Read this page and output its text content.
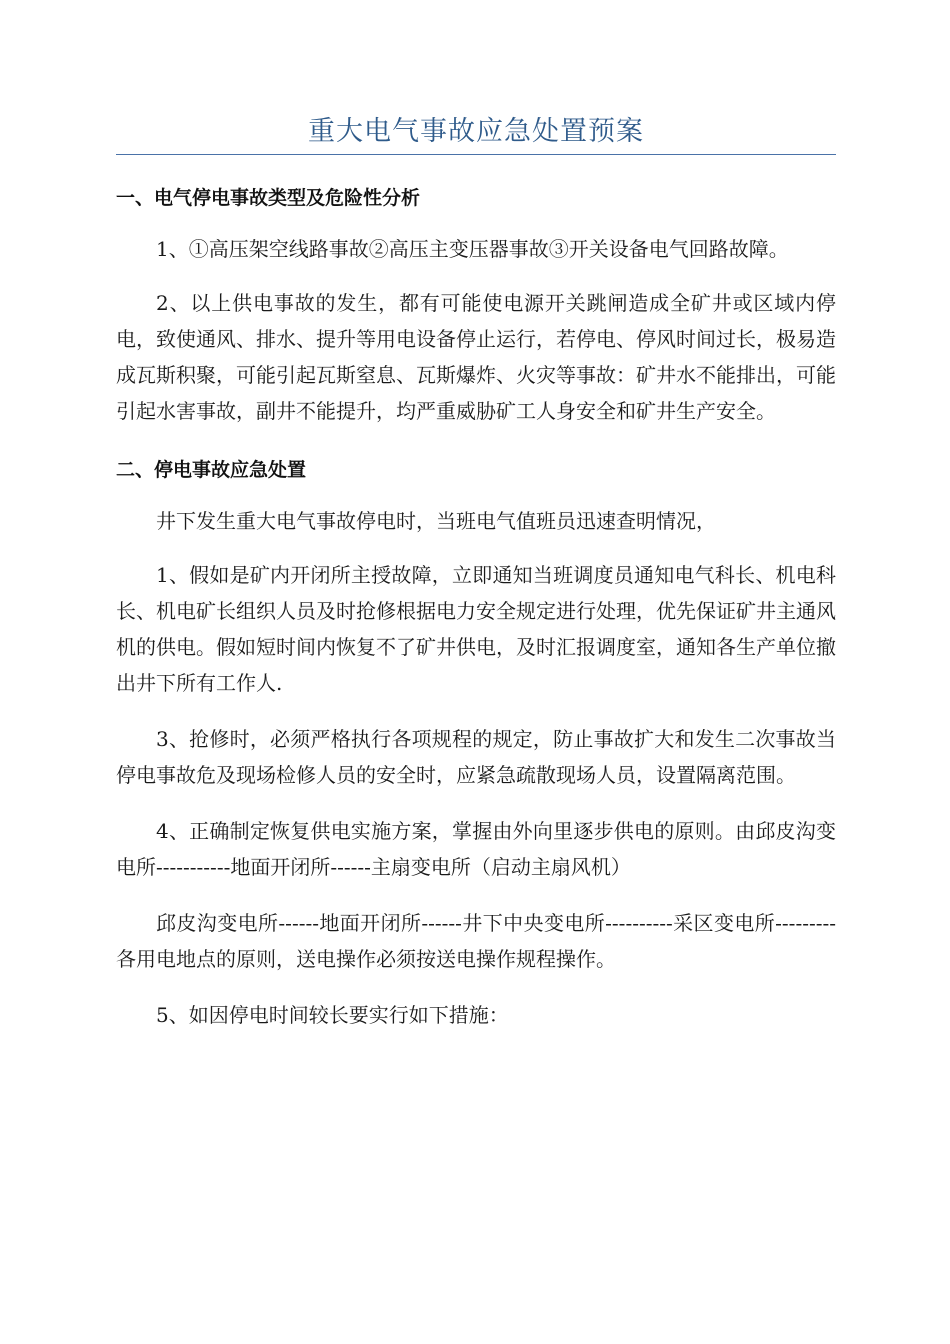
重大电气事故应急处置预案
一、电气停电事故类型及危险性分析

1、①高压架空线路事故②高压主变压器事故③开关设备电气回路故障。

2、以上供电事故的发生，都有可能使电源开关跳闸造成全矿井或区域内停电，致使通风、排水、提升等用电设备停止运行，若停电、停风时间过长，极易造成瓦斯积聚，可能引起瓦斯窒息、瓦斯爆炸、火灾等事故：矿井水不能排出，可能引起水害事故，副井不能提升，均严重威胁矿工人身安全和矿井生产安全。

二、停电事故应急处置

井下发生重大电气事故停电时，当班电气值班员迅速查明情况，

1、假如是矿内开闭所主授故障，立即通知当班调度员通知电气科长、机电科长、机电矿长组织人员及时抢修根据电力安全规定进行处理，优先保证矿井主通风机的供电。假如短时间内恢复不了矿井供电，及时汇报调度室，通知各生产单位撤出井下所有工作人.

3、抢修时，必须严格执行各项规程的规定，防止事故扩大和发生二次事故当停电事故危及现场检修人员的安全时，应紧急疏散现场人员，设置隔离范围。

4、正确制定恢复供电实施方案，掌握由外向里逐步供电的原则。由邱皮沟变电所-----------地面开闭所------主扇变电所（启动主扇风机）

邱皮沟变电所------地面开闭所------井下中央变电所----------采区变电所---------各用电地点的原则，送电操作必须按送电操作规程操作。

5、如因停电时间较长要实行如下措施：
